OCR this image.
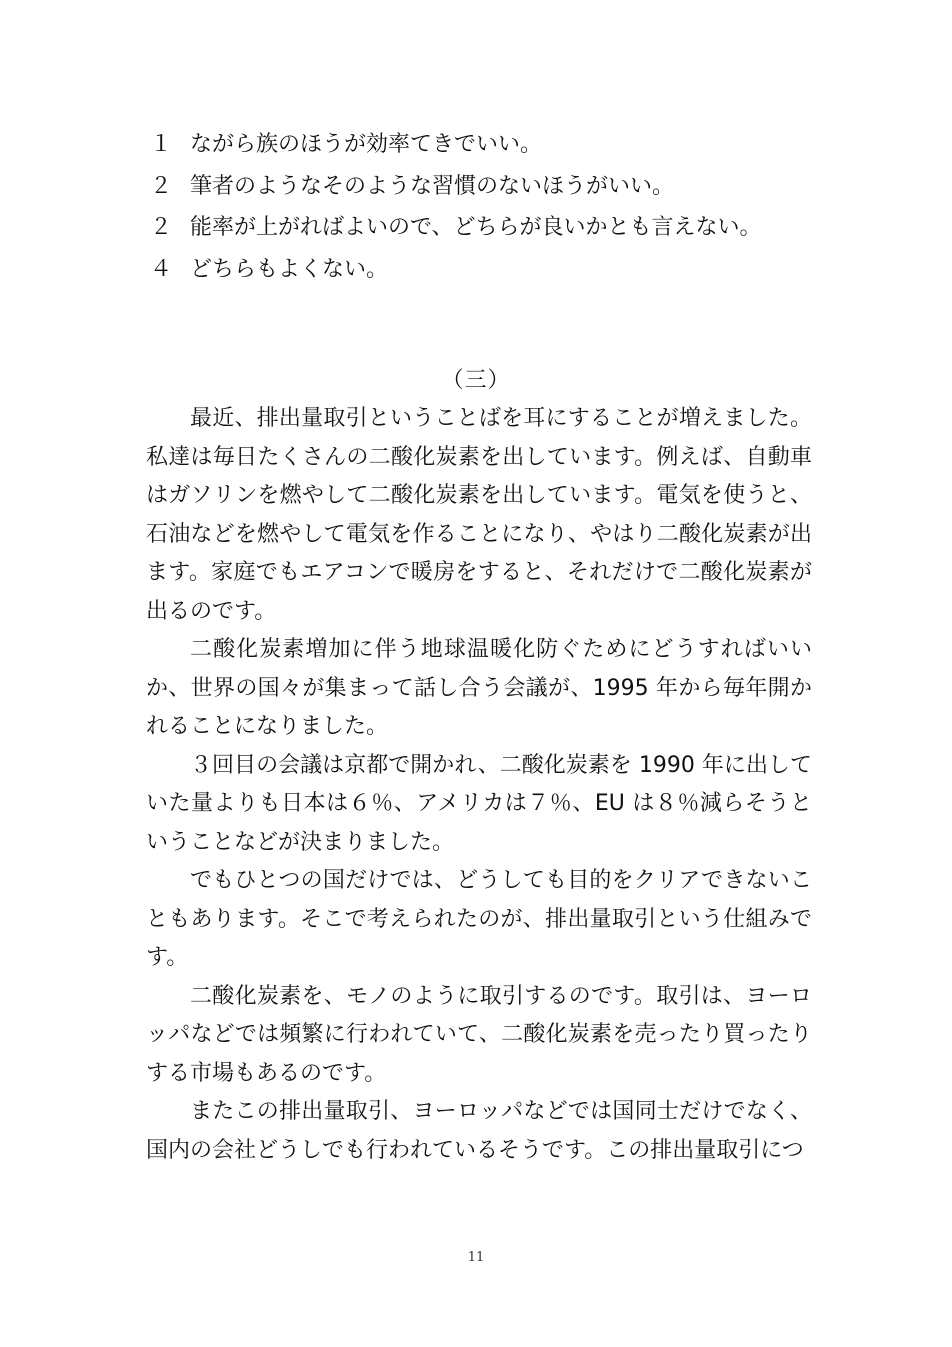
１ ながら族のほうが効率てきでいい。
２ 筆者のようなそのような習慣のないほうがいい。
２ 能率が上がればよいので、どちらが良いかとも言えない。
４ どちらもよくない。
（三）

最近、排出量取引ということばを耳にすることが増えました。私達は毎日たくさんの二酸化炭素を出しています。例えば、自動車はガソリンを燃やして二酸化炭素を出しています。電気を使うと、石油などを燃やして電気を作ることになり、やはり二酸化炭素が出ます。家庭でもエアコンで暖房をすると、それだけで二酸化炭素が出るのです。

二酸化炭素増加に伴う地球温暖化防ぐためにどうすればいいか、世界の国々が集まって話し合う会議が、1995 年から毎年開かれることになりました。

３回目の会議は京都で開かれ、二酸化炭素を 1990 年に出していた量よりも日本は６％、アメリカは７％、EU は８％減らそうということなどが決まりました。

でもひとつの国だけでは、どうしても目的をクリアできないこともあります。そこで考えられたのが、排出量取引という仕組みです。

二酸化炭素を、モノのように取引するのです。取引は、ヨーロッパなどでは頻繁に行われていて、二酸化炭素を売ったり買ったりする市場もあるのです。

またこの排出量取引、ヨーロッパなどでは国同士だけでなく、国内の会社どうしでも行われているそうです。この排出量取引につ

11
